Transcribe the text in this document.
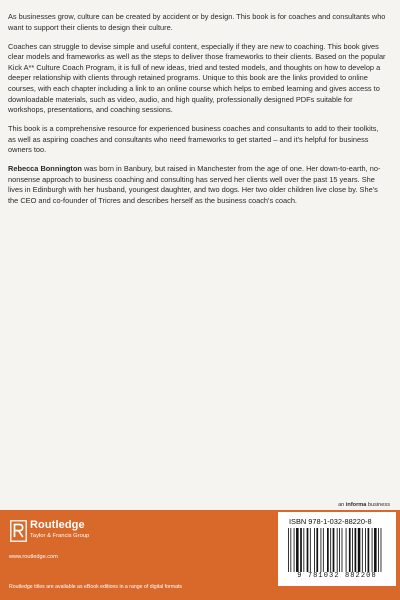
As businesses grow, culture can be created by accident or by design. This book is for coaches and consultants who want to support their clients to design their culture.

Coaches can struggle to devise simple and useful content, especially if they are new to coaching. This book gives clear models and frameworks as well as the steps to deliver those frameworks to their clients. Based on the popular Kick A** Culture Coach Program, it is full of new ideas, tried and tested models, and thoughts on how to develop a deeper relationship with clients through retained programs. Unique to this book are the links provided to online courses, with each chapter including a link to an online course which helps to embed learning and gives access to downloadable materials, such as video, audio, and high quality, professionally designed PDFs suitable for workshops, presentations, and coaching sessions.

This book is a comprehensive resource for experienced business coaches and consultants to add to their toolkits, as well as aspiring coaches and consultants who need frameworks to get started – and it's helpful for business owners too.

Rebecca Bonnington was born in Banbury, but raised in Manchester from the age of one. Her down-to-earth, no-nonsense approach to business coaching and consulting has served her clients well over the past 15 years. She lives in Edinburgh with her husband, youngest daughter, and two dogs. Her two older children live close by. She's the CEO and co-founder of Tricres and describes herself as the business coach's coach.

an informa business
Routledge
Taylor & Francis Group
www.routledge.com
Routledge titles are available as eBook editions in a range of digital formats
ISBN 978-1-032-88220-8
9 781032 882208
